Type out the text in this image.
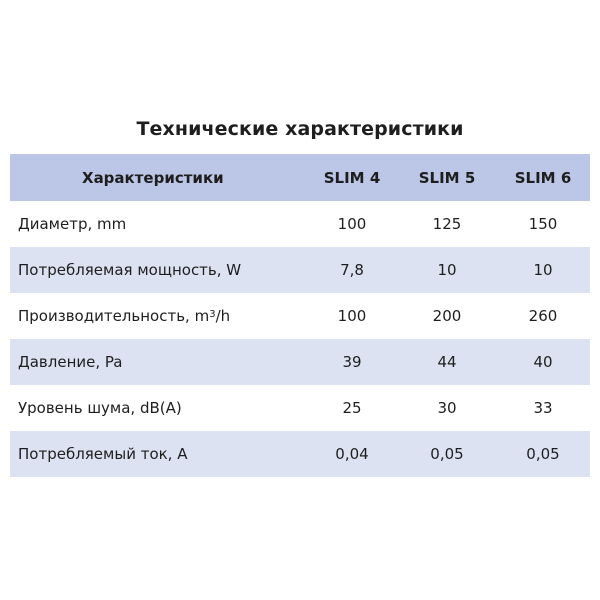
Технические характеристики
Характеристики	SLIM 4	SLIM 5	SLIM 6
Диаметр, mm	100	125	150
Потребляемая мощность, W	7,8	10	10
Производительность, $m^3$ /h	100	200	260
Давление, Pa	39	44	40
Уровень шума, dB(A)	25	30	33
Потребляемый ток, A	0,04	0,05	0,05
